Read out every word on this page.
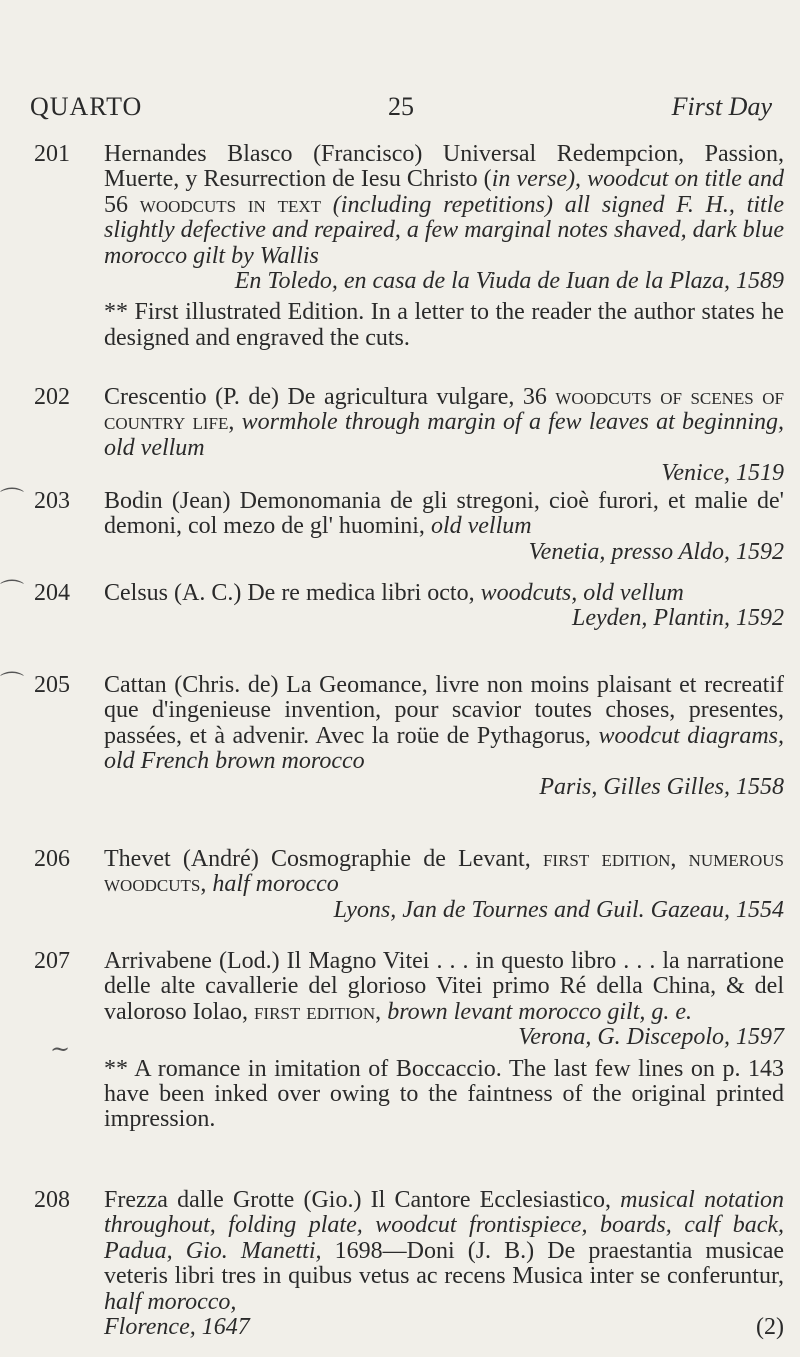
QUARTO	25	First Day
201	Hernandes Blasco (Francisco) Universal Redempcion, Passion, Muerte, y Resurrection de Iesu Christo (in verse), woodcut on title and 56 woodcuts in text (including repetitions) all signed F. H., title slightly defective and repaired, a few marginal notes shaved, dark blue morocco gilt by Wallis
En Toledo, en casa de la Viuda de Iuan de la Plaza, 1589
** First illustrated Edition. In a letter to the reader the author states he designed and engraved the cuts.
202	Crescentio (P. de) De agricultura vulgare, 36 woodcuts of scenes of country life, wormhole through margin of a few leaves at beginning, old vellum
Venice, 1519
⌒ 203	Bodin (Jean) Demonomania de gli stregoni, cioè furori, et malie de' demoni, col mezo de gl' huomini, old vellum
Venetia, presso Aldo, 1592
⌒ 204	Celsus (A. C.) De re medica libri octo, woodcuts, old vellum
Leyden, Plantin, 1592
⌒ 205	Cattan (Chris. de) La Geomance, livre non moins plaisant et recreatif que d'ingenieuse invention, pour scavior toutes choses, presentes, passées, et à advenir. Avec la roüe de Pythagorus, woodcut diagrams, old French brown morocco
Paris, Gilles Gilles, 1558
206	Thevet (André) Cosmographie de Levant, first edition, numerous woodcuts, half morocco
Lyons, Jan de Tournes and Guil. Gazeau, 1554
~
207	Arrivabene (Lod.) Il Magno Vitei . . . in questo libro . . . la narratione delle alte cavallerie del glorioso Vitei primo Ré della China, & del valoroso Iolao, first edition, brown levant morocco gilt, g. e.
Verona, G. Discepolo, 1597
** A romance in imitation of Boccaccio. The last few lines on p. 143 have been inked over owing to the faintness of the original printed impression.
208	Frezza dalle Grotte (Gio.) Il Cantore Ecclesiastico, musical notation throughout, folding plate, woodcut frontispiece, boards, calf back, Padua, Gio. Manetti, 1698—Doni (J. B.) De praestantia musicae veteris libri tres in quibus vetus ac recens Musica inter se conferuntur, half morocco,
Florence, 1647	(2)
